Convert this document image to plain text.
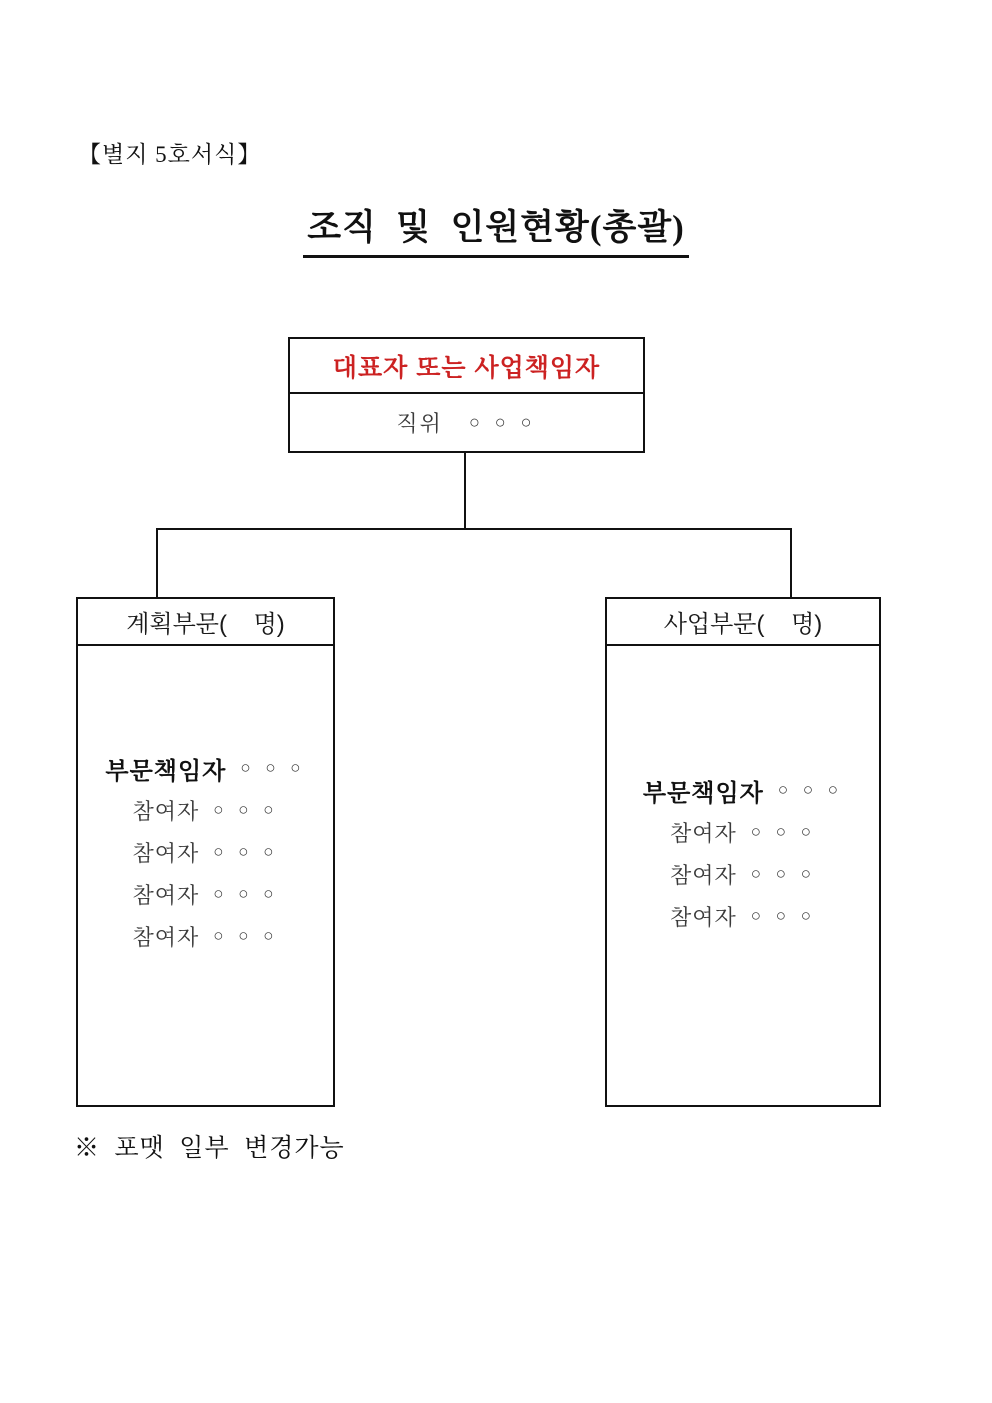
【별지 5호서식】
조직  및  인원현황(총괄)
대표자 또는 사업책임자
직위 ○ ○ ○
계획부문(    명)
부문책임자 ○ ○ ○
참여자 ○ ○ ○
참여자 ○ ○ ○
참여자 ○ ○ ○
참여자 ○ ○ ○
사업부문(    명)
부문책임자 ○ ○ ○
참여자 ○ ○ ○
참여자 ○ ○ ○
참여자 ○ ○ ○
※  포맷  일부  변경가능
